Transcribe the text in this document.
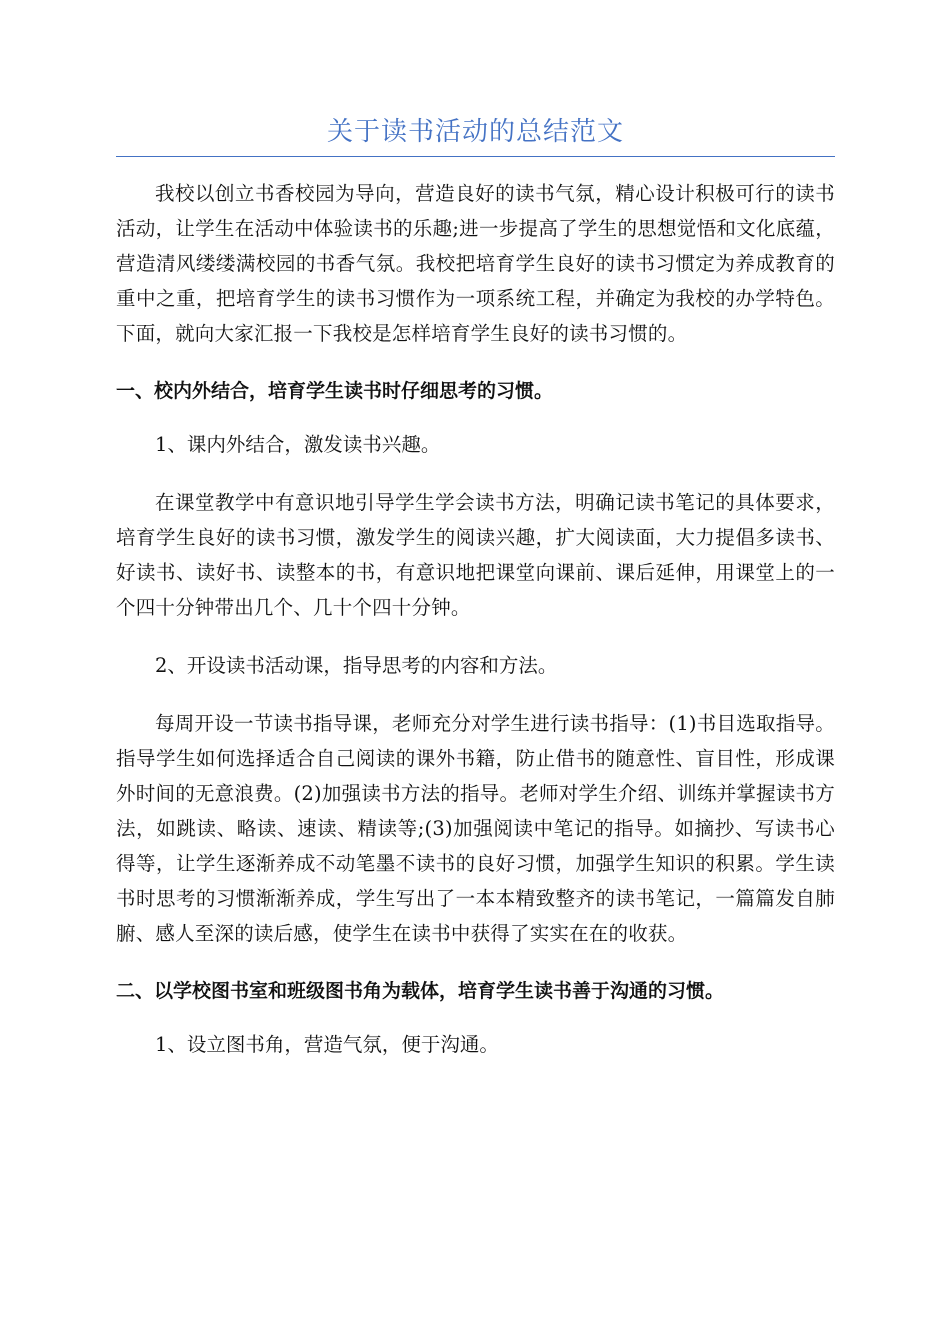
关于读书活动的总结范文

我校以创立书香校园为导向，营造良好的读书气氛，精心设计积极可行的读书活动，让学生在活动中体验读书的乐趣;进一步提高了学生的思想觉悟和文化底蕴，营造清风缕缕满校园的书香气氛。我校把培育学生良好的读书习惯定为养成教育的重中之重，把培育学生的读书习惯作为一项系统工程，并确定为我校的办学特色。下面，就向大家汇报一下我校是怎样培育学生良好的读书习惯的。

一、校内外结合，培育学生读书时仔细思考的习惯。

1、课内外结合，激发读书兴趣。

在课堂教学中有意识地引导学生学会读书方法，明确记读书笔记的具体要求，培育学生良好的读书习惯，激发学生的阅读兴趣，扩大阅读面，大力提倡多读书、好读书、读好书、读整本的书，有意识地把课堂向课前、课后延伸，用课堂上的一个四十分钟带出几个、几十个四十分钟。

2、开设读书活动课，指导思考的内容和方法。

每周开设一节读书指导课，老师充分对学生进行读书指导：(1)书目选取指导。指导学生如何选择适合自己阅读的课外书籍，防止借书的随意性、盲目性，形成课外时间的无意浪费。(2)加强读书方法的指导。老师对学生介绍、训练并掌握读书方法，如跳读、略读、速读、精读等;(3)加强阅读中笔记的指导。如摘抄、写读书心得等，让学生逐渐养成不动笔墨不读书的良好习惯，加强学生知识的积累。学生读书时思考的习惯渐渐养成，学生写出了一本本精致整齐的读书笔记，一篇篇发自肺腑、感人至深的读后感，使学生在读书中获得了实实在在的收获。

二、以学校图书室和班级图书角为载体，培育学生读书善于沟通的习惯。

1、设立图书角，营造气氛，便于沟通。
